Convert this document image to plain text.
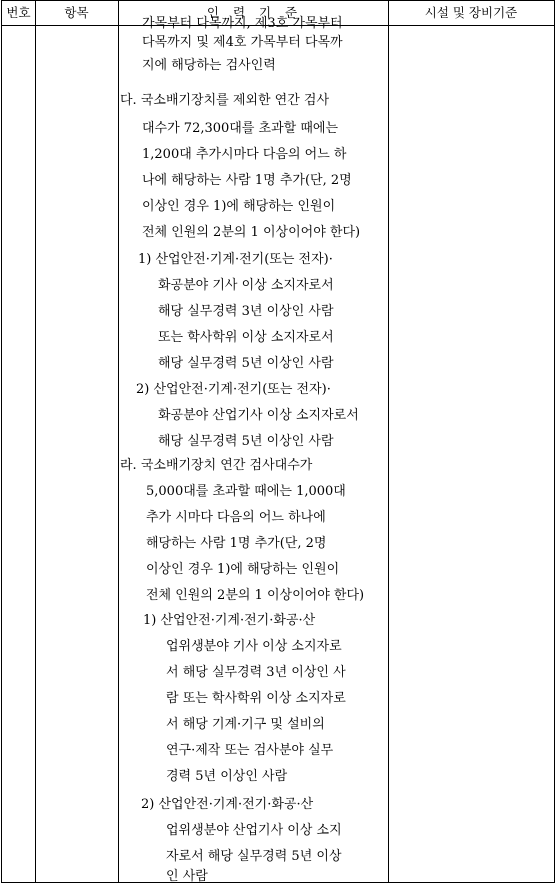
번호	항목	인  력  기  준	시설 및 장비기준
가목부터 다목까지, 제3호 가목부터
다목까지 및 제4호 가목부터 다목까
지에 해당하는 검사인력
다. 국소배기장치를 제외한 연간 검사
대수가 72,300대를 초과할 때에는
1,200대 추가시마다 다음의 어느 하
나에 해당하는 사람 1명 추가(단, 2명
이상인 경우 1)에 해당하는 인원이
전체 인원의 2분의 1 이상이어야 한다)
1) 산업안전·기계·전기(또는 전자)·
화공분야 기사 이상 소지자로서
해당 실무경력 3년 이상인 사람
또는 학사학위 이상 소지자로서
해당 실무경력 5년 이상인 사람
2) 산업안전·기계·전기(또는 전자)·
화공분야 산업기사 이상 소지자로서
해당 실무경력 5년 이상인 사람
라. 국소배기장치 연간 검사대수가
5,000대를 초과할 때에는 1,000대
추가 시마다 다음의 어느 하나에
해당하는 사람 1명 추가(단, 2명
이상인 경우 1)에 해당하는 인원이
전체 인원의 2분의 1 이상이어야 한다)
1) 산업안전·기계·전기·화공·산
업위생분야 기사 이상 소지자로
서 해당 실무경력 3년 이상인 사
람 또는 학사학위 이상 소지자로
서 해당 기계·기구 및 설비의
연구·제작 또는 검사분야 실무
경력 5년 이상인 사람
2) 산업안전·기계·전기·화공·산
업위생분야 산업기사 이상 소지
자로서 해당 실무경력 5년 이상
인 사람
